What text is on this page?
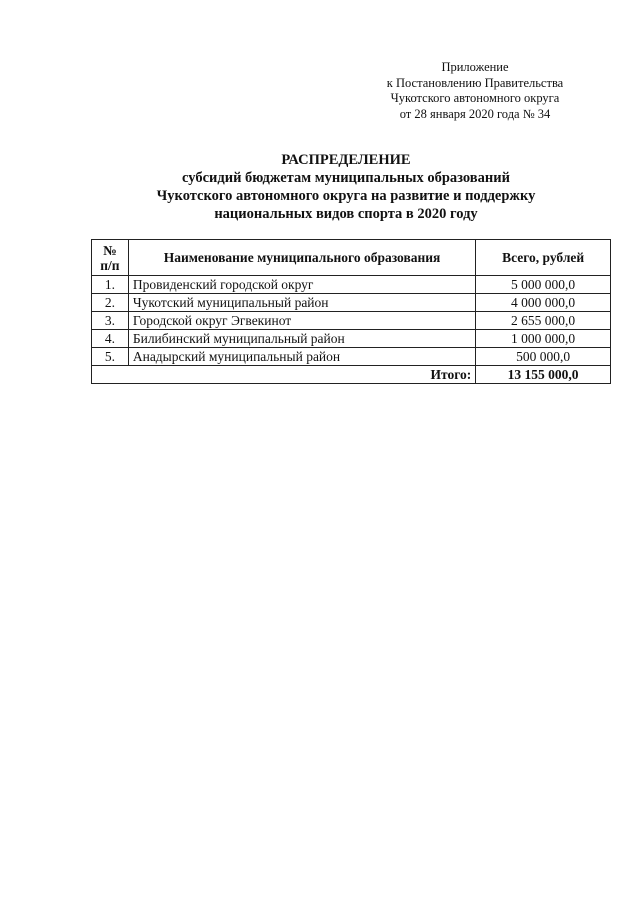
Приложение
к Постановлению Правительства
Чукотского автономного округа
от 28 января 2020 года № 34
РАСПРЕДЕЛЕНИЕ
субсидий бюджетам муниципальных образований
Чукотского автономного округа на развитие и поддержку
национальных видов спорта в 2020 году
№
п/п	Наименование муниципального образования	Всего, рублей
1.	Провиденский городской округ	5 000 000,0
2.	Чукотский муниципальный район	4 000 000,0
3.	Городской округ Эгвекинот	2 655 000,0
4.	Билибинский муниципальный район	1 000 000,0
5.	Анадырский муниципальный район	500 000,0
Итого:		13 155 000,0
